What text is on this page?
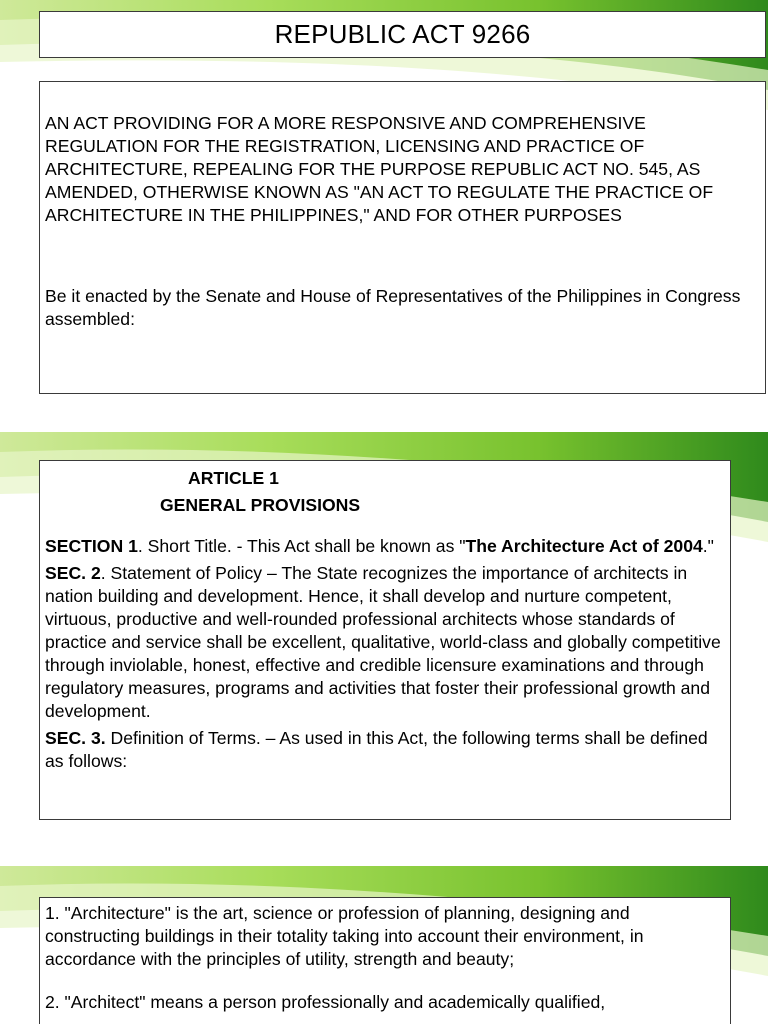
REPUBLIC ACT 9266

AN ACT PROVIDING FOR A MORE RESPONSIVE AND COMPREHENSIVE REGULATION FOR THE REGISTRATION, LICENSING AND PRACTICE OF ARCHITECTURE, REPEALING FOR THE PURPOSE REPUBLIC ACT NO. 545, AS AMENDED, OTHERWISE KNOWN AS "AN ACT TO REGULATE THE PRACTICE OF ARCHITECTURE IN THE PHILIPPINES," AND FOR OTHER PURPOSES

Be it enacted by the Senate and House of Representatives of the Philippines in Congress assembled:

ARTICLE 1

GENERAL PROVISIONS

SECTION 1. Short Title. - This Act shall be known as "The Architecture Act of 2004."

SEC. 2. Statement of Policy – The State recognizes the importance of architects in nation building and development. Hence, it shall develop and nurture competent, virtuous, productive and well-rounded professional architects whose standards of practice and service shall be excellent, qualitative, world-class and globally competitive through inviolable, honest, effective and credible licensure examinations and through regulatory measures, programs and activities that foster their professional growth and development.

SEC. 3. Definition of Terms. – As used in this Act, the following terms shall be defined as follows:

1. "Architecture" is the art, science or profession of planning, designing and constructing buildings in their totality taking into account their environment, in accordance with the principles of utility, strength and beauty;

2. "Architect" means a person professionally and academically qualified,
